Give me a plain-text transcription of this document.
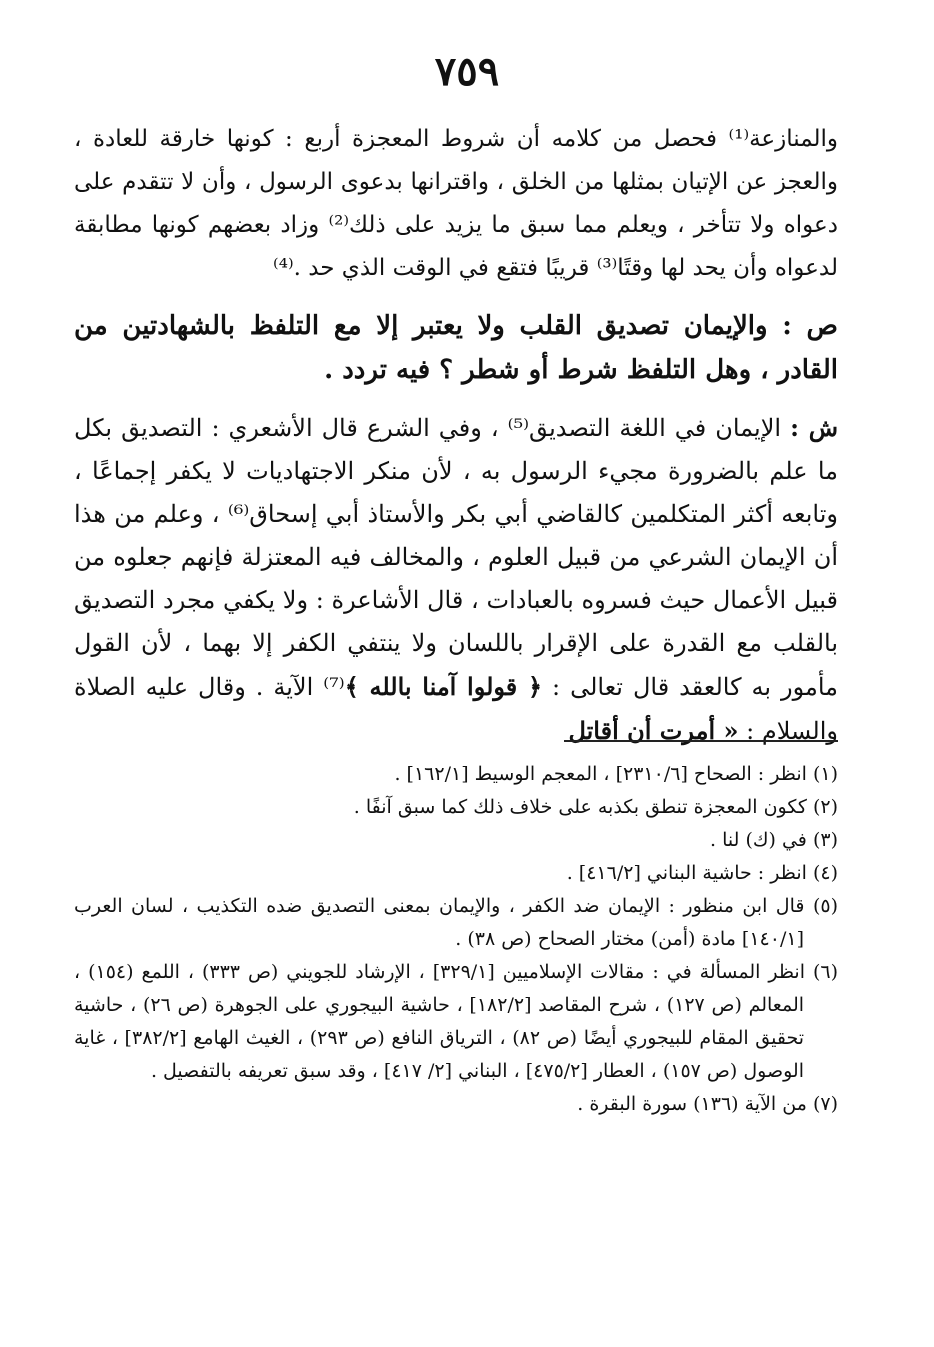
٧٥٩
والمنازعة⁽¹⁾ فحصل من كلامه أن شروط المعجزة أربع : كونها خارقة للعادة ، والعجز عن الإتيان بمثلها من الخلق ، واقترانها بدعوى الرسول ، وأن لا تتقدم على دعواه ولا تتأخر ، ويعلم مما سبق ما يزيد على ذلك⁽²⁾ وزاد بعضهم كونها مطابقة لدعواه وأن يحد لها وقتًا⁽³⁾ قريبًا فتقع في الوقت الذي حد .⁽⁴⁾
ص : والإيمان تصديق القلب ولا يعتبر إلا مع التلفظ بالشهادتين من القادر ، وهل التلفظ شرط أو شطر ؟ فيه تردد .
ش : الإيمان في اللغة التصديق⁽⁵⁾ ، وفي الشرع قال الأشعري : التصديق بكل ما علم بالضرورة مجيء الرسول به ، لأن منكر الاجتهاديات لا يكفر إجماعًا ، وتابعه أكثر المتكلمين كالقاضي أبي بكر والأستاذ أبي إسحاق⁽⁶⁾ ، وعلم من هذا أن الإيمان الشرعي من قبيل العلوم ، والمخالف فيه المعتزلة فإنهم جعلوه من قبيل الأعمال حيث فسروه بالعبادات ، قال الأشاعرة : ولا يكفي مجرد التصديق بالقلب مع القدرة على الإقرار باللسان ولا ينتفي الكفر إلا بهما ، لأن القول مأمور به كالعقد قال تعالى : ﴿ قولوا آمنا بالله ﴾⁽⁷⁾ الآية . وقال عليه الصلاة والسلام : « أمرت أن أقاتل
(١) انظر : الصحاح [٢٣١٠/٦] ، المعجم الوسيط [١٦٢/١] .
(٢) ككون المعجزة تنطق بكذبه على خلاف ذلك كما سبق آنفًا .
(٣) في (ك) لنا .
(٤) انظر : حاشية البناني [٤١٦/٢] .
(٥) قال ابن منظور : الإيمان ضد الكفر ، والإيمان بمعنى التصديق ضده التكذيب ، لسان العرب [١٤٠/١] مادة (أمن) مختار الصحاح (ص ٣٨) .
(٦) انظر المسألة في : مقالات الإسلاميين [٣٢٩/١] ، الإرشاد للجويني (ص ٣٣٣) ، اللمع (١٥٤) ، المعالم (ص ١٢٧) ، شرح المقاصد [١٨٢/٢] ، حاشية البيجوري على الجوهرة (ص ٢٦) ، حاشية تحقيق المقام للبيجوري أيضًا (ص ٨٢) ، الترياق النافع (ص ٢٩٣) ، الغيث الهامع [٣٨٢/٢] ، غاية الوصول (ص ١٥٧) ، العطار [٤٧٥/٢] ، البناني [٢/ ٤١٧] ، وقد سبق تعريفه بالتفصيل .
(٧) من الآية (١٣٦) سورة البقرة .
